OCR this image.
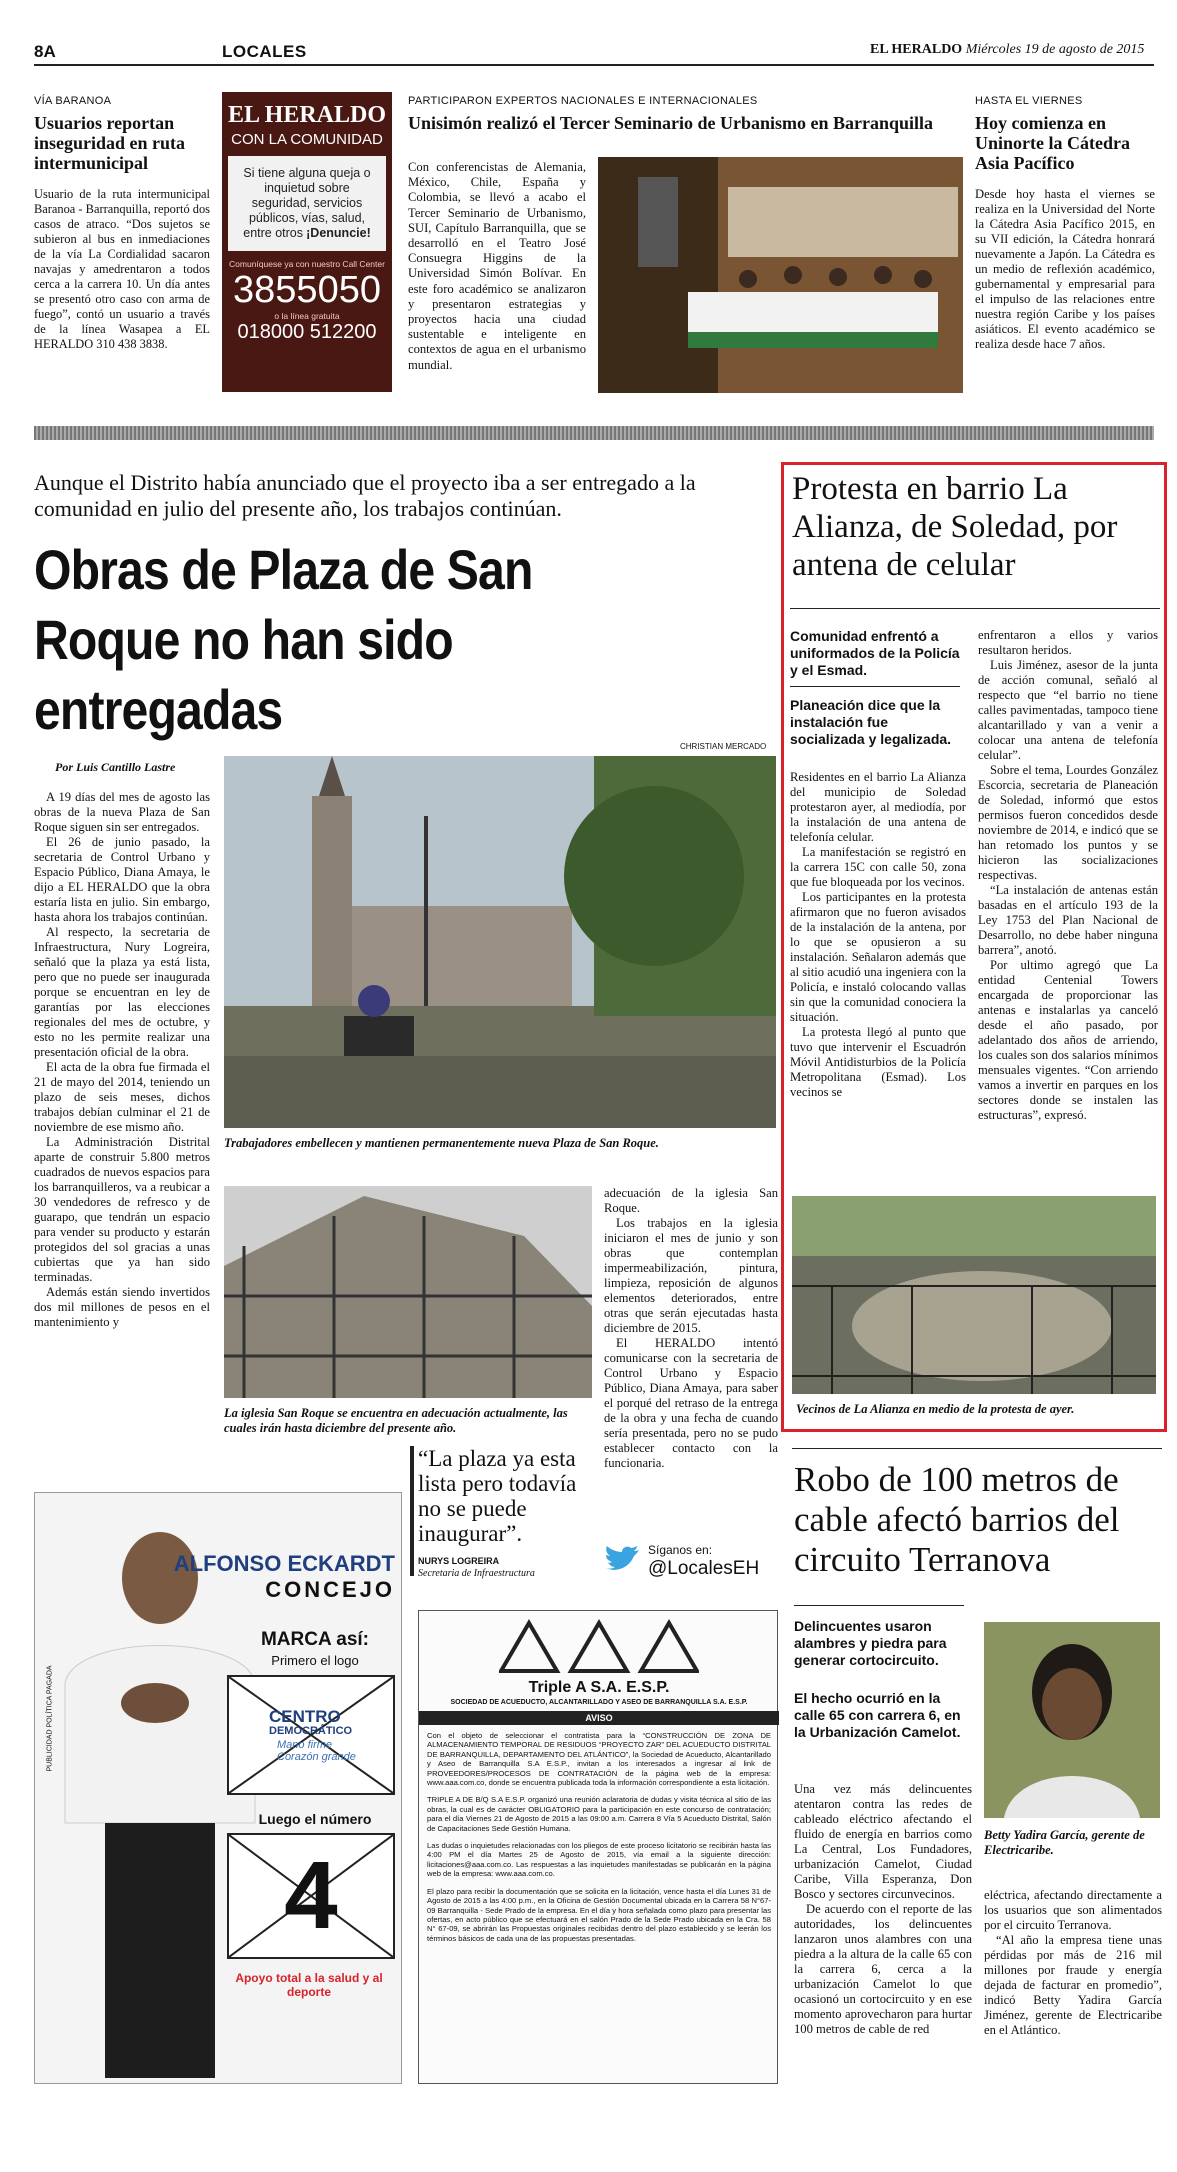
8A	LOCALES	EL HERALDO Miércoles 19 de agosto de 2015
VÍA BARANOA
Usuarios reportan inseguridad en ruta intermunicipal

Usuario de la ruta intermunicipal Baranoa - Barranquilla, reportó dos casos de atraco. “Dos sujetos se subieron al bus en inmediaciones de la vía La Cordialidad sacaron navajas y amedrentaron a todos cerca a la carrera 10. Un día antes se presentó otro caso con arma de fuego”, contó un usuario a través de la línea Wasapea a EL HERALDO 310 438 3838.

EL HERALDO
CON LA COMUNIDAD
Si tiene alguna queja o inquietud sobre seguridad, servicios públicos, vías, salud, entre otros ¡Denuncie!
Comuníquese ya con nuestro Call Center
3855050
o la línea gratuita
018000 512200
PARTICIPARON EXPERTOS NACIONALES E INTERNACIONALES
Unisimón realizó el Tercer Seminario de Urbanismo en Barranquilla

Con conferencistas de Alemania, México, Chile, España y Colombia, se llevó a acabo el Tercer Seminario de Urbanismo, SUI, Capítulo Barranquilla, que se desarrolló en el Teatro José Consuegra Higgins de la Universidad Simón Bolívar. En este foro académico se analizaron y presentaron estrategias y proyectos hacia una ciudad sustentable e inteligente en contextos de agua en el urbanismo mundial.

HASTA EL VIERNES
Hoy comienza en Uninorte la Cátedra Asia Pacífico

Desde hoy hasta el viernes se realiza en la Universidad del Norte la Cátedra Asia Pacífico 2015, en su VII edición, la Cátedra honrará nuevamente a Japón. La Cátedra es un medio de reflexión académico, gubernamental y empresarial para el impulso de las relaciones entre nuestra región Caribe y los países asiáticos. El evento académico se realiza desde hace 7 años.

Aunque el Distrito había anunciado que el proyecto iba a ser entregado a la comunidad en julio del presente año, los trabajos continúan.
Obras de Plaza de San Roque no han sido entregadas
CHRISTIAN MERCADO
Por Luis Cantillo Lastre

A 19 días del mes de agosto las obras de la nueva Plaza de San Roque siguen sin ser entregados.

El 26 de junio pasado, la secretaria de Control Urbano y Espacio Público, Diana Amaya, le dijo a EL HERALDO que la obra estaría lista en julio. Sin embargo, hasta ahora los trabajos continúan.

Al respecto, la secretaria de Infraestructura, Nury Logreira, señaló que la plaza ya está lista, pero que no puede ser inaugurada porque se encuentran en ley de garantías por las elecciones regionales del mes de octubre, y esto no les permite realizar una presentación oficial de la obra.

El acta de la obra fue firmada el 21 de mayo del 2014, teniendo un plazo de seis meses, dichos trabajos debían culminar el 21 de noviembre de ese mismo año.

La Administración Distrital aparte de construir 5.800 metros cuadrados de nuevos espacios para los barranquilleros, va a reubicar a 30 vendedores de refresco y de guarapo, que tendrán un espacio para vender su producto y estarán protegidos del sol gracias a unas cubiertas que ya han sido terminadas.

Además están siendo invertidos dos mil millones de pesos en el mantenimiento y

Trabajadores embellecen y mantienen permanentemente nueva Plaza de San Roque.
La iglesia San Roque se encuentra en adecuación actualmente, las cuales irán hasta diciembre del presente año.

adecuación de la iglesia San Roque.

Los trabajos en la iglesia iniciaron el mes de junio y son obras que contemplan impermeabilización, pintura, limpieza, reposición de algunos elementos deteriorados, entre otras que serán ejecutadas hasta diciembre de 2015.

El HERALDO intentó comunicarse con la secretaria de Control Urbano y Espacio Público, Diana Amaya, para saber el porqué del retraso de la entrega de la obra y una fecha de cuando sería presentada, pero no se pudo establecer contacto con la funcionaria.

“La plaza ya esta lista pero todavía no se puede inaugurar”.
NURYS LOGREIRA
Secretaria de Infraestructura
Síganos en:
@LocalesEH
Protesta en barrio La Alianza, de Soledad, por antena de celular
Comunidad enfrentó a uniformados de la Policía y el Esmad.
Planeación dice que la instalación fue socializada y legalizada.

Residentes en el barrio La Alianza del municipio de Soledad protestaron ayer, al mediodía, por la instalación de una antena de telefonía celular.

La manifestación se registró en la carrera 15C con calle 50, zona que fue bloqueada por los vecinos.

Los participantes en la protesta afirmaron que no fueron avisados de la instalación de la antena, por lo que se opusieron a su instalación. Señalaron además que al sitio acudió una ingeniera con la Policía, e instaló colocando vallas sin que la comunidad conociera la situación.

La protesta llegó al punto que tuvo que intervenir el Escuadrón Móvil Antidisturbios de la Policía Metropolitana (Esmad). Los vecinos se

enfrentaron a ellos y varios resultaron heridos.

Luis Jiménez, asesor de la junta de acción comunal, señaló al respecto que “el barrio no tiene calles pavimentadas, tampoco tiene alcantarillado y van a venir a colocar una antena de telefonía celular”.

Sobre el tema, Lourdes González Escorcia, secretaria de Planeación de Soledad, informó que estos permisos fueron concedidos desde noviembre de 2014, e indicó que se han retomado los puntos y se hicieron las socializaciones respectivas.

“La instalación de antenas están basadas en el artículo 193 de la Ley 1753 del Plan Nacional de Desarrollo, no debe haber ninguna barrera”, anotó.

Por ultimo agregó que La entidad Centenial Towers encargada de proporcionar las antenas e instalarlas ya canceló desde el año pasado, por adelantado dos años de arriendo, los cuales son dos salarios mínimos mensuales vigentes. “Con arriendo vamos a invertir en parques en los sectores donde se instalen las estructuras”, expresó.

Vecinos de La Alianza en medio de la protesta de ayer.
Robo de 100 metros de cable afectó barrios del circuito Terranova
Delincuentes usaron alambres y piedra para generar cortocircuito.
El hecho ocurrió en la calle 65 con carrera 6, en la Urbanización Camelot.

Una vez más delincuentes atentaron contra las redes de cableado eléctrico afectando el fluido de energía en barrios como La Central, Los Fundadores, urbanización Camelot, Ciudad Caribe, Villa Esperanza, Don Bosco y sectores circunvecinos.

De acuerdo con el reporte de las autoridades, los delincuentes lanzaron unos alambres con una piedra a la altura de la calle 65 con la carrera 6, cerca a la urbanización Camelot lo que ocasionó un cortocircuito y en ese momento aprovecharon para hurtar 100 metros de cable de red

Betty Yadira García, gerente de Electricaribe.

eléctrica, afectando directamente a los usuarios que son alimentados por el circuito Terranova.

“Al año la empresa tiene unas pérdidas por más de 216 mil millones por fraude y energía dejada de facturar en promedio”, indicó Betty Yadira García Jiménez, gerente de Electricaribe en el Atlántico.

ALFONSO ECKARDT
CONCEJO
MARCA así:
Primero el logo
CENTRO
DEMOCRÁTICO
Mano firme
Corazón grande
Luego el número
4
Apoyo total a la salud y al deporte
PUBLICIDAD POLÍTICA PAGADA	Triple A S.A. E.S.P.
SOCIEDAD DE ACUEDUCTO, ALCANTARILLADO Y ASEO DE BARRANQUILLA S.A. E.S.P.
AVISO

Con el objeto de seleccionar el contratista para la “CONSTRUCCIÓN DE ZONA DE ALMACENAMIENTO TEMPORAL DE RESIDUOS “PROYECTO ZAR” DEL ACUEDUCTO DISTRITAL DE BARRANQUILLA, DEPARTAMENTO DEL ATLÁNTICO”, la Sociedad de Acueducto, Alcantarillado y Aseo de Barranquilla S.A E.S.P., invitan a los interesados a ingresar al link de PROVEEDORES/PROCESOS DE CONTRATACIÓN de la página web de la empresa: www.aaa.com.co, donde se encuentra publicada toda la información correspondiente a esta licitación.

TRIPLE A DE B/Q S.A E.S.P. organizó una reunión aclaratoria de dudas y visita técnica al sitio de las obras, la cual es de carácter OBLIGATORIO para la participación en este concurso de contratación; para el día Viernes 21 de Agosto de 2015 a las 09:00 a.m. Carrera 8 Vía 5 Acueducto Distrital, Salón de Capacitaciones Sede Gestión Humana.

Las dudas o inquietudes relacionadas con los pliegos de este proceso licitatorio se recibirán hasta las 4:00 PM el día Martes 25 de Agosto de 2015, vía email a la siguiente dirección: licitaciones@aaa.com.co. Las respuestas a las inquietudes manifestadas se publicarán en la página web de la empresa: www.aaa.com.co.

El plazo para recibir la documentación que se solicita en la licitación, vence hasta el día Lunes 31 de Agosto de 2015 a las 4:00 p.m., en la Oficina de Gestión Documental ubicada en la Carrera 58 N°67-09 Barranquilla - Sede Prado de la empresa. En el día y hora señalada como plazo para presentar las ofertas, en acto público que se efectuará en el salón Prado de la Sede Prado ubicada en la Cra. 58 N° 67-09, se abrirán las Propuestas originales recibidas dentro del plazo establecido y se leerán los términos básicos de cada una de las propuestas presentadas.
